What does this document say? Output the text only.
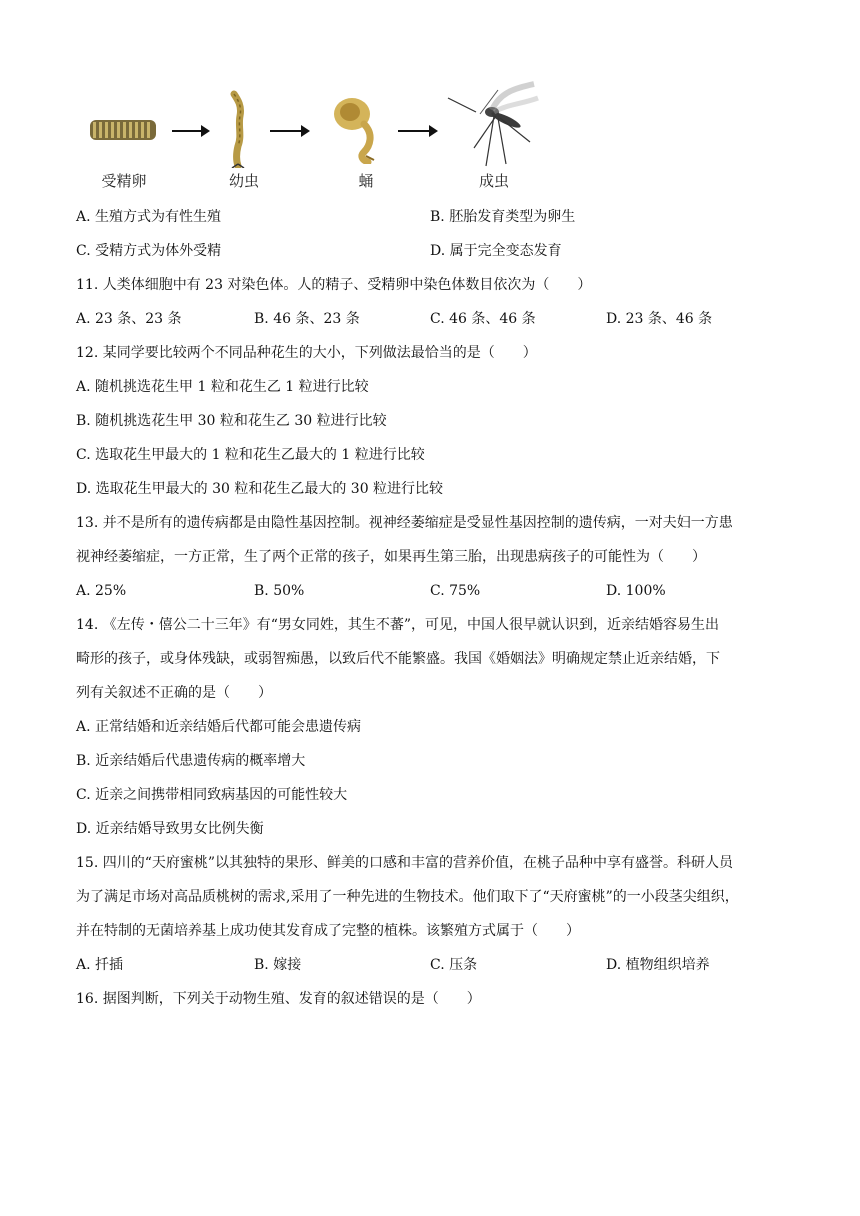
受精卵	幼虫	蛹	成虫
A. 生殖方式为有性生殖	B. 胚胎发育类型为卵生
C. 受精方式为体外受精	D. 属于完全变态发育
11. 人类体细胞中有 23 对染色体。人的精子、受精卵中染色体数目依次为（　　）
A. 23 条、23 条	B. 46 条、23 条	C. 46 条、46 条	D. 23 条、46 条
12. 某同学要比较两个不同品种花生的大小，下列做法最恰当的是（　　）
A. 随机挑选花生甲 1 粒和花生乙 1 粒进行比较
B. 随机挑选花生甲 30 粒和花生乙 30 粒进行比较
C. 选取花生甲最大的 1 粒和花生乙最大的 1 粒进行比较
D. 选取花生甲最大的 30 粒和花生乙最大的 30 粒进行比较
13. 并不是所有的遗传病都是由隐性基因控制。视神经萎缩症是受显性基因控制的遗传病，一对夫妇一方患
视神经萎缩症，一方正常，生了两个正常的孩子，如果再生第三胎，出现患病孩子的可能性为（　　）
A. 25%	B. 50%	C. 75%	D. 100%
14. 《左传・僖公二十三年》有“男女同姓，其生不蕃”，可见，中国人很早就认识到，近亲结婚容易生出
畸形的孩子，或身体残缺，或弱智痴愚，以致后代不能繁盛。我国《婚姻法》明确规定禁止近亲结婚，下
列有关叙述不正确的是（　　）
A. 正常结婚和近亲结婚后代都可能会患遗传病
B. 近亲结婚后代患遗传病的概率增大
C. 近亲之间携带相同致病基因的可能性较大
D. 近亲结婚导致男女比例失衡
15. 四川的“天府蜜桃”以其独特的果形、鲜美的口感和丰富的营养价值，在桃子品种中享有盛誉。科研人员
为了满足市场对高品质桃树的需求,采用了一种先进的生物技术。他们取下了“天府蜜桃”的一小段茎尖组织，
并在特制的无菌培养基上成功使其发育成了完整的植株。该繁殖方式属于（　　）
A. 扦插	B. 嫁接	C. 压条	D. 植物组织培养
16. 据图判断，下列关于动物生殖、发育的叙述错误的是（　　）
